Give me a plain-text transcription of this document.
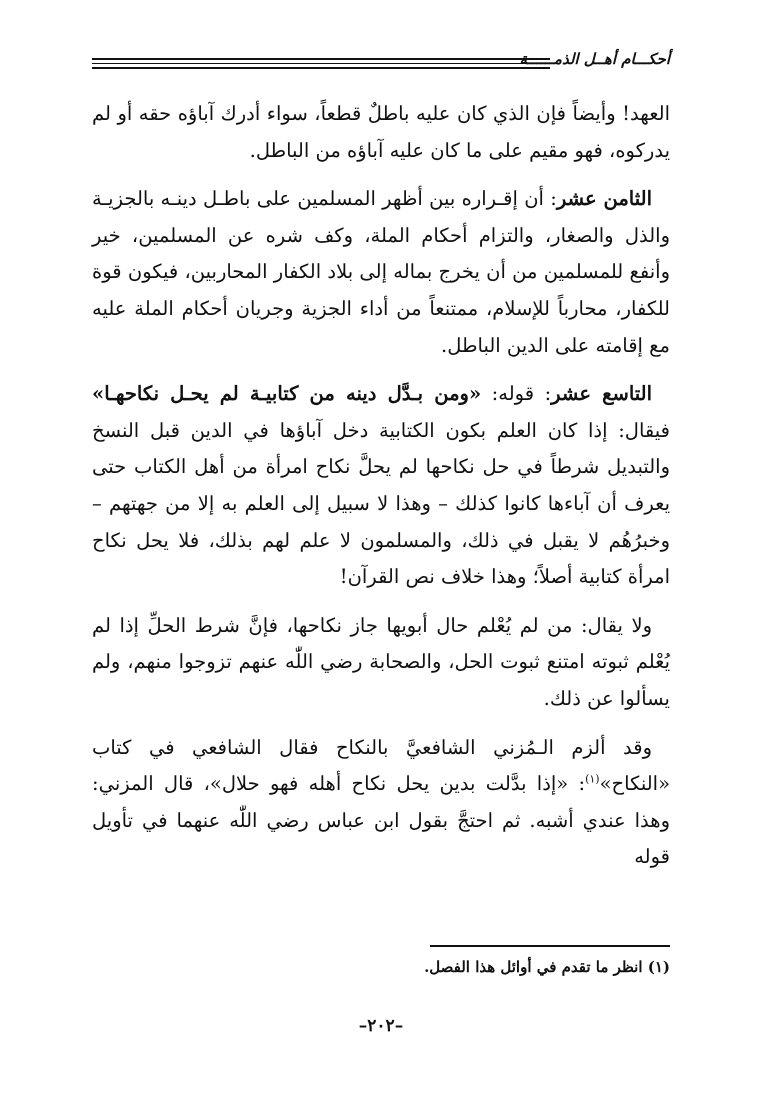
أحكـــام أهــل الذمــــــة

العهد! وأيضاً فإن الذي كان عليه باطلٌ قطعاً، سواء أدرك آباؤه حقه أو لم يدركوه، فهو مقيم على ما كان عليه آباؤه من الباطل.

الثامن عشر: أن إقـراره بين أظهر المسلمين على باطـل دينـه بالجزيـة والذل والصغار، والتزام أحكام الملة، وكف شره عن المسلمين، خير وأنفع للمسلمين من أن يخرج بماله إلى بلاد الكفار المحاربين، فيكون قوة للكفار، محارباً للإسلام، ممتنعاً من أداء الجزية وجريان أحكام الملة عليه مع إقامته على الدين الباطل.

التاسع عشر: قوله: «ومن بـدَّل دينه من كتابيـة لم يحـل نكاحهـا» فيقال: إذا كان العلم بكون الكتابية دخل آباؤها في الدين قبل النسخ والتبديل شرطاً في حل نكاحها لم يحلَّ نكاح امرأة من أهل الكتاب حتى يعرف أن آباءها كانوا كذلك – وهذا لا سبيل إلى العلم به إلا من جهتهم – وخبرُهُم لا يقبل في ذلك، والمسلمون لا علم لهم بذلك، فلا يحل نكاح امرأة كتابية أصلاً؛ وهذا خلاف نص القرآن!

ولا يقال: من لم يُعْلم حال أبويها جاز نكاحها، فإنَّ شرط الحلِّ إذا لم يُعْلم ثبوته امتنع ثبوت الحل، والصحابة رضي اللّٰه عنهم تزوجوا منهم، ولم يسألوا عن ذلك.

وقد ألزم الـمُزني الشافعيَّ بالنكاح فقال الشافعي في كتاب «النكاح»$^{(١)}$: «إذا بدَّلت بدين يحل نكاح أهله فهو حلال»، قال المزني: وهذا عندي أشبه. ثم احتجَّ بقول ابن عباس رضي اللّٰه عنهما في تأويل قوله

(١) انظر ما تقدم في أوائل هذا الفصل.
–٢٠٢–
